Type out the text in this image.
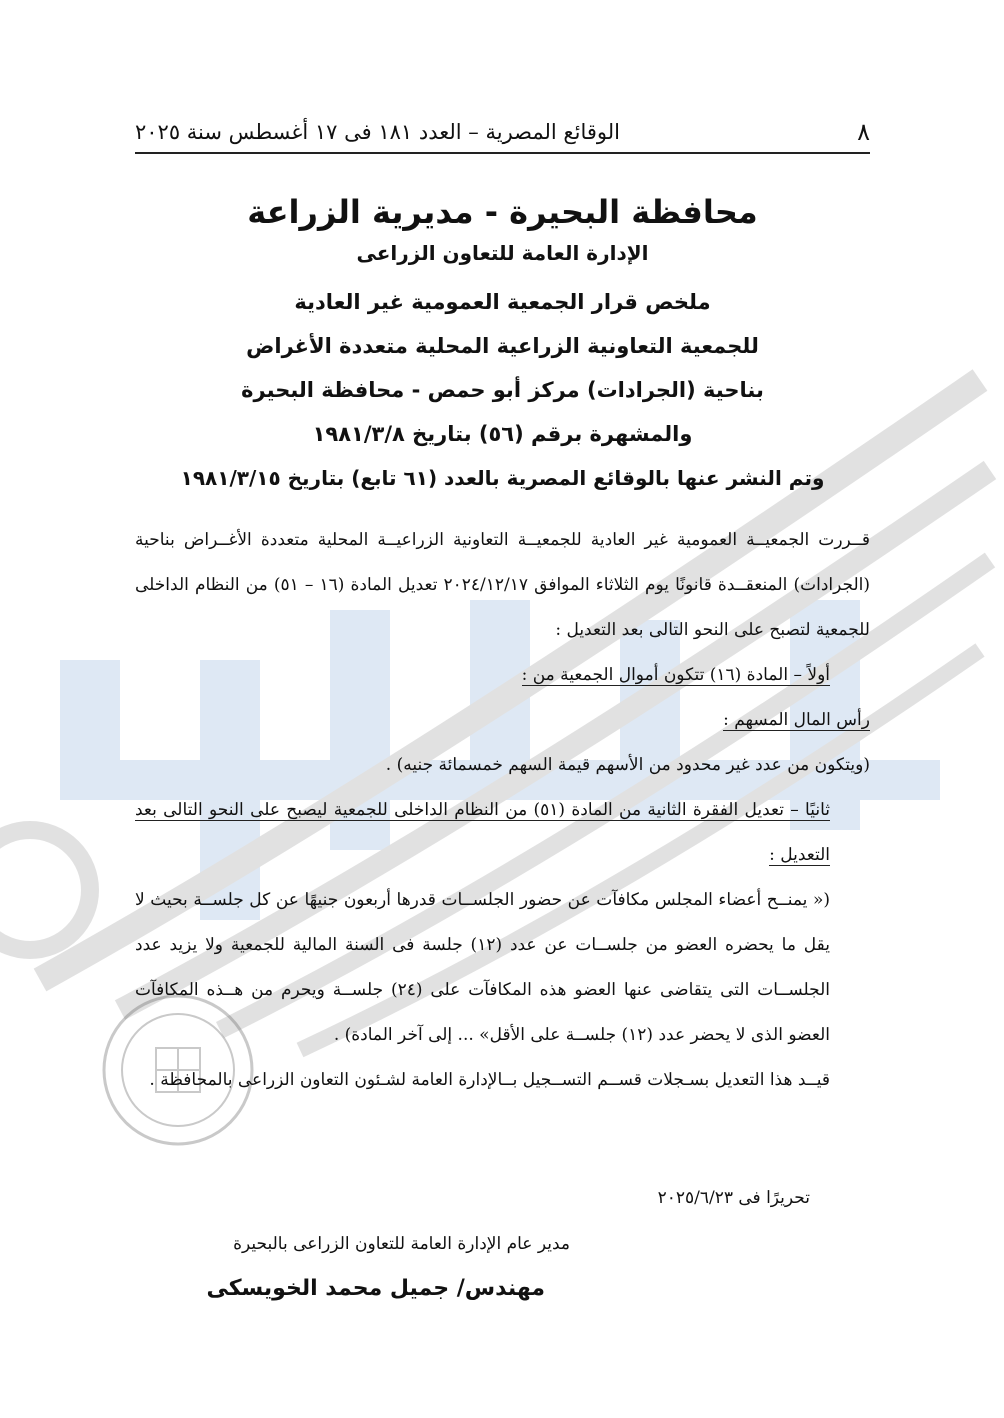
٨
الوقائع المصرية – العدد ١٨١ فى ١٧ أغسطس سنة ٢٠٢٥
محافظة البحيرة - مديرية الزراعة
الإدارة العامة للتعاون الزراعى

ملخص قرار الجمعية العمومية غير العادية

للجمعية التعاونية الزراعية المحلية متعددة الأغراض

بناحية (الجرادات) مركز أبو حمص - محافظة البحيرة

والمشهرة برقم (٥٦) بتاريخ ١٩٨١/٣/٨

وتم النشر عنها بالوقائع المصرية بالعدد (٦١ تابع) بتاريخ ١٩٨١/٣/١٥

قــررت الجمعيــة العمومية غير العادية للجمعيــة التعاونية الزراعيــة المحلية متعددة الأغــراض بناحية (الجرادات) المنعقــدة قانونًا يوم الثلاثاء الموافق ٢٠٢٤/١٢/١٧ تعديل المادة (١٦ – ٥١) من النظام الداخلى للجمعية لتصبح على النحو التالى بعد التعديل :

أولاً – المادة (١٦) تتكون أموال الجمعية من :

رأس المال المسهم :

(ويتكون من عدد غير محدود من الأسهم قيمة السهم خمسمائة جنيه) .

ثانيًا – تعديل الفقرة الثانية من المادة (٥١) من النظام الداخلى للجمعية ليصبح على النحو التالى بعد التعديل :

(« يمنــح أعضاء المجلس مكافآت عن حضور الجلســات قدرها أربعون جنيهًا عن كل جلســة بحيث لا يقل ما يحضره العضو من جلســات عن عدد (١٢) جلسة فى السنة المالية للجمعية ولا يزيد عدد الجلســات التى يتقاضى عنها العضو هذه المكافآت على (٢٤) جلســة ويحرم من هــذه المكافآت العضو الذى لا يحضر عدد (١٢) جلســة على الأقل» ... إلى آخر المادة) .

قيــد هذا التعديل بسـجلات قســم التســجيل بــالإدارة العامة لشـئون التعاون الزراعى بالمحافظة .

تحريرًا فى ٢٠٢٥/٦/٢٣
مدير عام الإدارة العامة للتعاون الزراعى بالبحيرة
مهندس/ جميل محمد الخويسكى
